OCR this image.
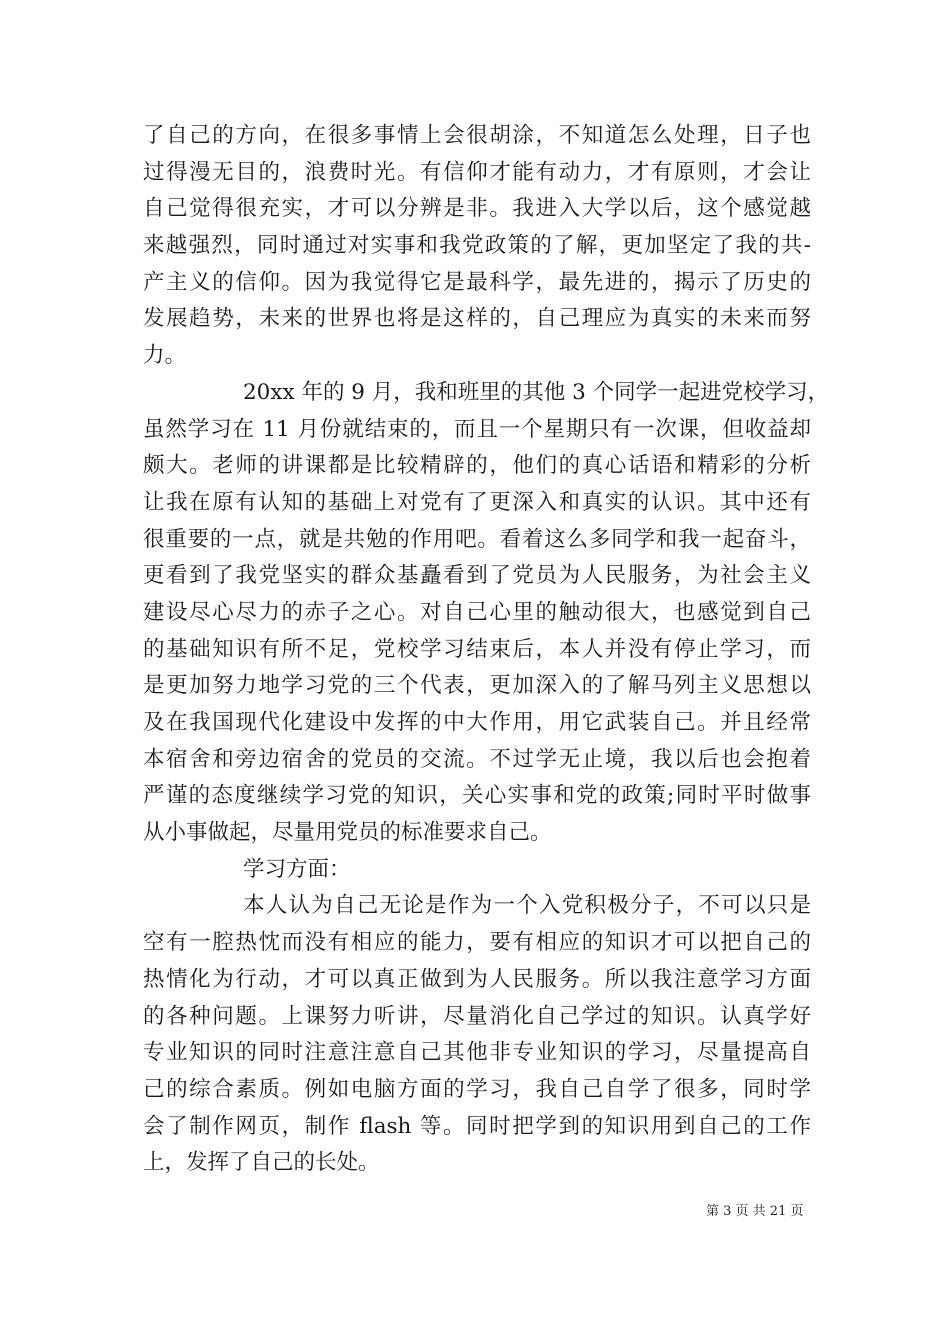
了自己的方向，在很多事情上会很胡涂，不知道怎么处理，日子也
过得漫无目的，浪费时光。有信仰才能有动力，才有原则，才会让
自己觉得很充实，才可以分辨是非。我进入大学以后，这个感觉越
来越强烈，同时通过对实事和我党政策的了解，更加坚定了我的共-
产主义的信仰。因为我觉得它是最科学，最先进的，揭示了历史的
发展趋势，未来的世界也将是这样的，自己理应为真实的未来而努
力。
20xx 年的 9 月，我和班里的其他 3 个同学一起进党校学习，
虽然学习在 11 月份就结束的，而且一个星期只有一次课，但收益却
颇大。老师的讲课都是比较精辟的，他们的真心话语和精彩的分析
让我在原有认知的基础上对党有了更深入和真实的认识。其中还有
很重要的一点，就是共勉的作用吧。看着这么多同学和我一起奋斗，
更看到了我党坚实的群众基矗看到了党员为人民服务，为社会主义
建设尽心尽力的赤子之心。对自己心里的触动很大，也感觉到自己
的基础知识有所不足，党校学习结束后，本人并没有停止学习，而
是更加努力地学习党的三个代表，更加深入的了解马列主义思想以
及在我国现代化建设中发挥的中大作用，用它武装自己。并且经常
本宿舍和旁边宿舍的党员的交流。不过学无止境，我以后也会抱着
严谨的态度继续学习党的知识，关心实事和党的政策;同时平时做事
从小事做起，尽量用党员的标准要求自己。
学习方面：
本人认为自己无论是作为一个入党积极分子，不可以只是
空有一腔热忱而没有相应的能力，要有相应的知识才可以把自己的
热情化为行动，才可以真正做到为人民服务。所以我注意学习方面
的各种问题。上课努力听讲，尽量消化自己学过的知识。认真学好
专业知识的同时注意注意自己其他非专业知识的学习，尽量提高自
己的综合素质。例如电脑方面的学习，我自己自学了很多，同时学
会了制作网页，制作 flash 等。同时把学到的知识用到自己的工作
上，发挥了自己的长处。
第 3 页 共 21 页
